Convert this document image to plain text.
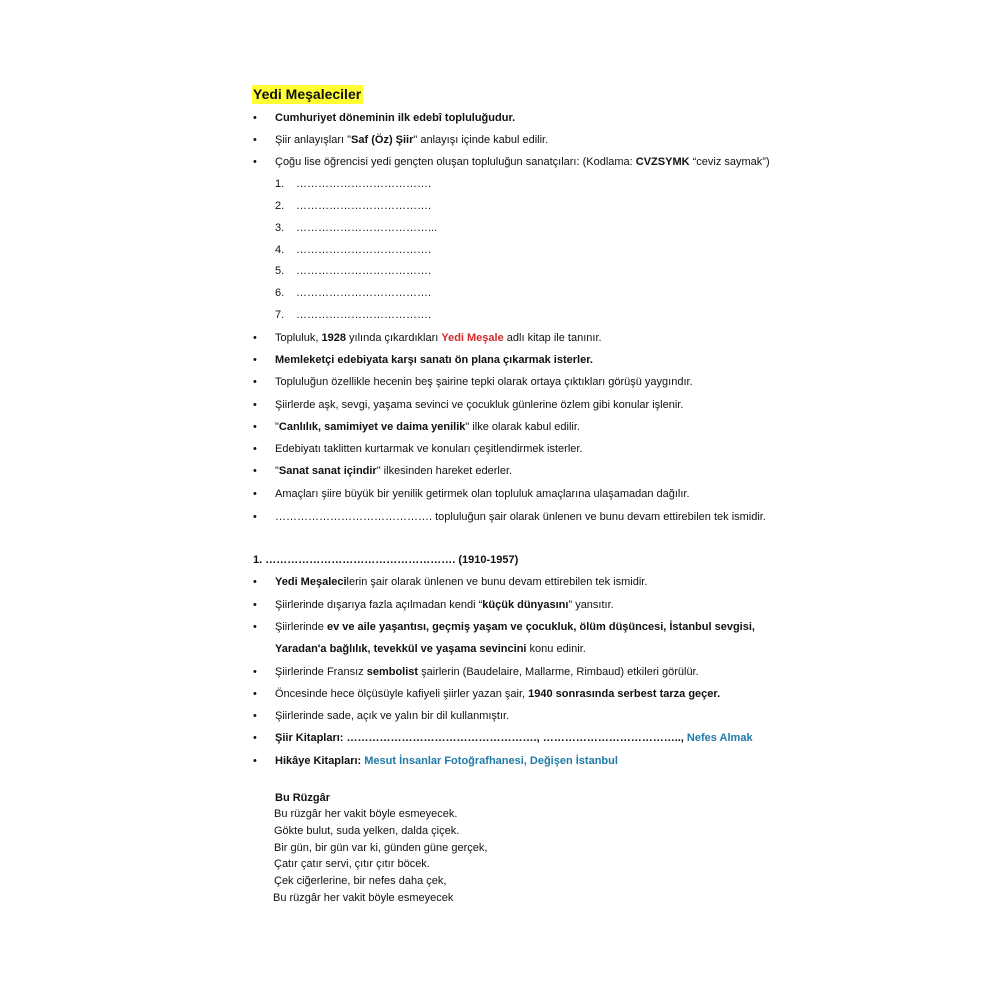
Yedi Meşaleciler
• Cumhuriyet döneminin ilk edebî topluluğudur.
• Şiir anlayışları "Saf (Öz) Şiir" anlayışı içinde kabul edilir.
• Çoğu lise öğrencisi yedi gençten oluşan topluluğun sanatçıları: (Kodlama: CVZSYMK “ceviz saymak”)
1. ……………………………….
2. ……………………………….
3. ………………………………...
4. ……………………………….
5. ……………………………….
6. ……………………………….
7. ……………………………….
• Topluluk, 1928 yılında çıkardıkları Yedi Meşale adlı kitap ile tanınır.
• Memleketçi edebiyata karşı sanatı ön plana çıkarmak isterler.
• Topluluğun özellikle hecenin beş şairine tepki olarak ortaya çıktıkları görüşü yaygındır.
• Şiirlerde aşk, sevgi, yaşama sevinci ve çocukluk günlerine özlem gibi konular işlenir.
• "Canlılık, samimiyet ve daima yenilik" ilke olarak kabul edilir.
• Edebiyatı taklitten kurtarmak ve konuları çeşitlendirmek isterler.
• "Sanat sanat içindir" ilkesinden hareket ederler.
• Amaçları şiire büyük bir yenilik getirmek olan topluluk amaçlarına ulaşamadan dağılır.
• ……………………………………. topluluğun şair olarak ünlenen ve bunu devam ettirebilen tek ismidir.
1. ……………………………………………. (1910-1957)
• Yedi Meşalecilerin şair olarak ünlenen ve bunu devam ettirebilen tek ismidir.
• Şiirlerinde dışarıya fazla açılmadan kendi “küçük dünyasını” yansıtır.
• Şiirlerinde ev ve aile yaşantısı, geçmiş yaşam ve çocukluk, ölüm düşüncesi, İstanbul sevgisi,
Yaradan'a bağlılık, tevekkül ve yaşama sevincini konu edinir.
• Şiirlerinde Fransız sembolist şairlerin (Baudelaire, Mallarme, Rimbaud) etkileri görülür.
• Öncesinde hece ölçüsüyle kafiyeli şiirler yazan şair, 1940 sonrasında serbest tarza geçer.
• Şiirlerinde sade, açık ve yalın bir dil kullanmıştır.
• Şiir Kitapları: ……………………………………………., ……………………………….., Nefes Almak
• Hikâye Kitapları: Mesut İnsanlar Fotoğrafhanesi, Değişen İstanbul
Bu Rüzgâr
Bu rüzgâr her vakit böyle esmeyecek.
Gökte bulut, suda yelken, dalda çiçek.
Bir gün, bir gün var ki, günden güne gerçek,
Çatır çatır servi, çıtır çıtır böcek.
Çek ciğerlerine, bir nefes daha çek,
Bu rüzgâr her vakit böyle esmeyecek
